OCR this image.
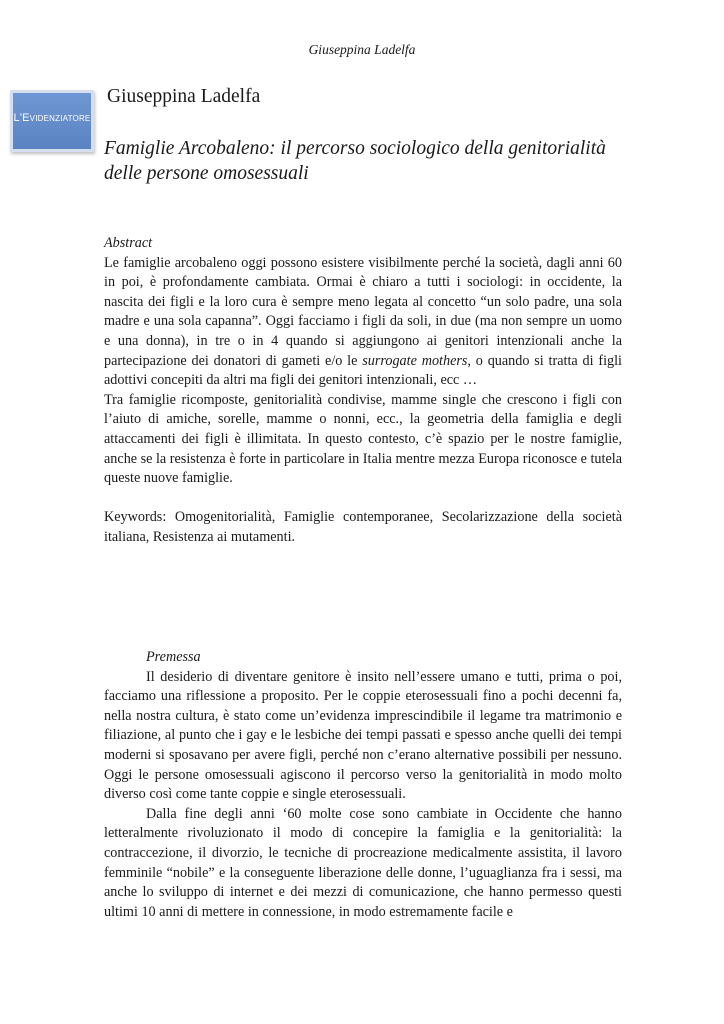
Giuseppina Ladelfa
L'Evidenziatore
Giuseppina Ladelfa
Famiglie Arcobaleno: il percorso sociologico della genitorialità delle persone omosessuali

Abstract

Le famiglie arcobaleno oggi possono esistere visibilmente perché la società, dagli anni 60 in poi, è profondamente cambiata. Ormai è chiaro a tutti i sociologi: in occidente, la nascita dei figli e la loro cura è sempre meno legata al concetto “un solo padre, una sola madre e una sola capanna”. Oggi facciamo i figli da soli, in due (ma non sempre un uomo e una donna), in tre o in 4 quando si aggiungono ai genitori intenzionali anche la partecipazione dei donatori di gameti e/o le surrogate mothers, o quando si tratta di figli adottivi concepiti da altri ma figli dei genitori intenzionali, ecc …

Tra famiglie ricomposte, genitorialità condivise, mamme single che crescono i figli con l’aiuto di amiche, sorelle, mamme o nonni, ecc., la geometria della famiglia e degli attaccamenti dei figli è illimitata. In questo contesto, c’è spazio per le nostre famiglie, anche se la resistenza è forte in particolare in Italia mentre mezza Europa riconosce e tutela queste nuove famiglie.

Keywords: Omogenitorialità, Famiglie contemporanee, Secolarizzazione della società italiana, Resistenza ai mutamenti.

Premessa

Il desiderio di diventare genitore è insito nell’essere umano e tutti, prima o poi, facciamo una riflessione a proposito. Per le coppie eterosessuali fino a pochi decenni fa, nella nostra cultura, è stato come un’evidenza imprescindibile il legame tra matrimonio e filiazione, al punto che i gay e le lesbiche dei tempi passati e spesso anche quelli dei tempi moderni si sposavano per avere figli, perché non c’erano alternative possibili per nessuno. Oggi le persone omosessuali agiscono il percorso verso la genitorialità in modo molto diverso così come tante coppie e single eterosessuali.

Dalla fine degli anni ‘60 molte cose sono cambiate in Occidente che hanno letteralmente rivoluzionato il modo di concepire la famiglia e la genitorialità: la contraccezione, il divorzio, le tecniche di procreazione medicalmente assistita, il lavoro femminile “nobile” e la conseguente liberazione delle donne, l’uguaglianza fra i sessi, ma anche lo sviluppo di internet e dei mezzi di comunicazione, che hanno permesso questi ultimi 10 anni di mettere in connessione, in modo estremamente facile e
